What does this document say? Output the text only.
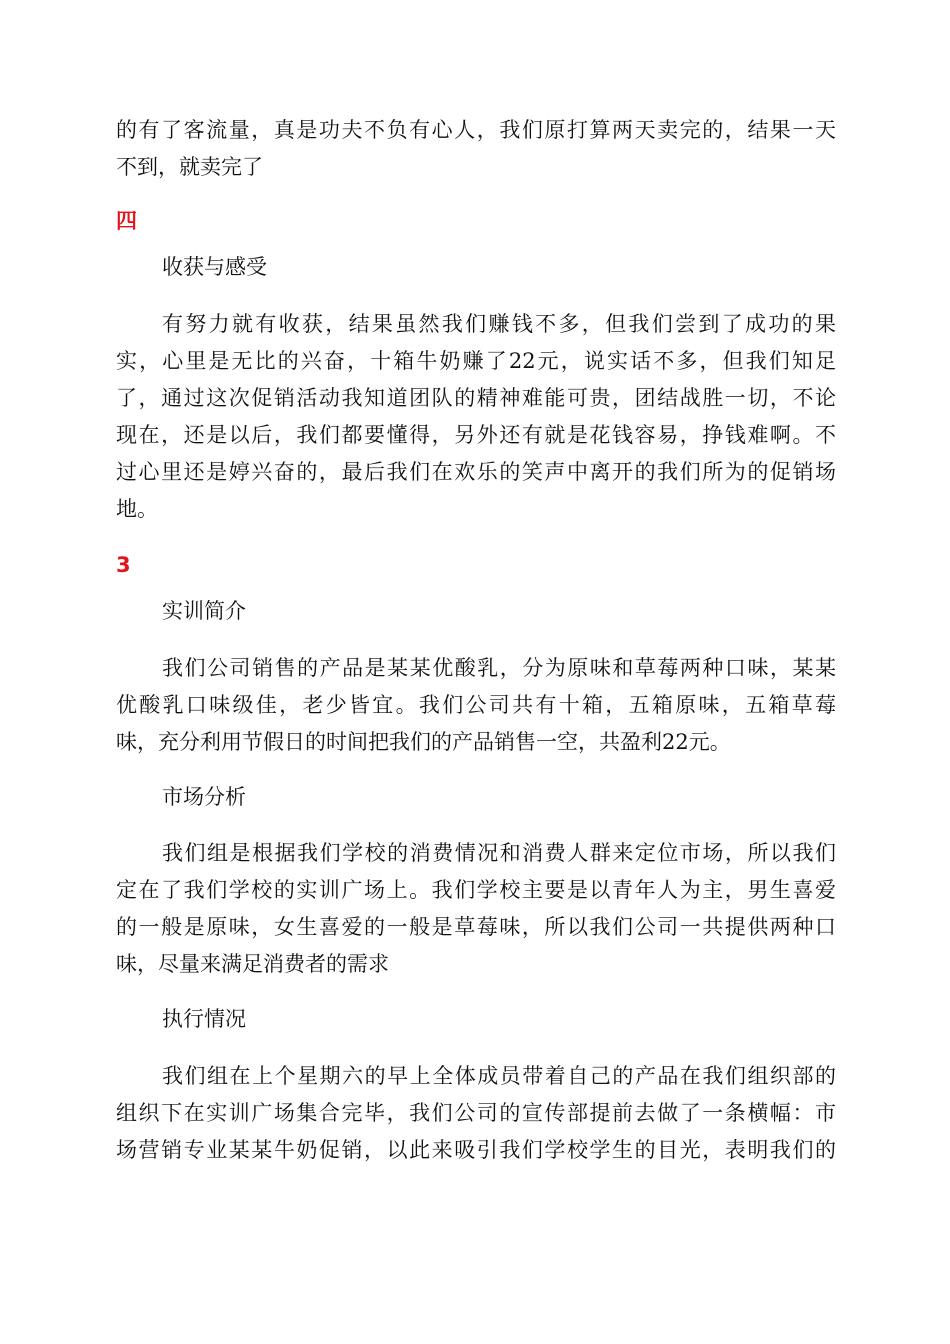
的有了客流量，真是功夫不负有心人，我们原打算两天卖完的，结果一天
不到，就卖完了
四
收获与感受
有努力就有收获，结果虽然我们赚钱不多，但我们尝到了成功的果
实，心里是无比的兴奋，十箱牛奶赚了22元，说实话不多，但我们知足
了，通过这次促销活动我知道团队的精神难能可贵，团结战胜一切，不论
现在，还是以后，我们都要懂得，另外还有就是花钱容易，挣钱难啊。不
过心里还是婷兴奋的，最后我们在欢乐的笑声中离开的我们所为的促销场
地。
3
实训简介
我们公司销售的产品是某某优酸乳，分为原味和草莓两种口味，某某
优酸乳口味级佳，老少皆宜。我们公司共有十箱，五箱原味，五箱草莓
味，充分利用节假日的时间把我们的产品销售一空，共盈利22元。
市场分析
我们组是根据我们学校的消费情况和消费人群来定位市场，所以我们
定在了我们学校的实训广场上。我们学校主要是以青年人为主，男生喜爱
的一般是原味，女生喜爱的一般是草莓味，所以我们公司一共提供两种口
味，尽量来满足消费者的需求
执行情况
我们组在上个星期六的早上全体成员带着自己的产品在我们组织部的
组织下在实训广场集合完毕，我们公司的宣传部提前去做了一条横幅：市
场营销专业某某牛奶促销，以此来吸引我们学校学生的目光，表明我们的
